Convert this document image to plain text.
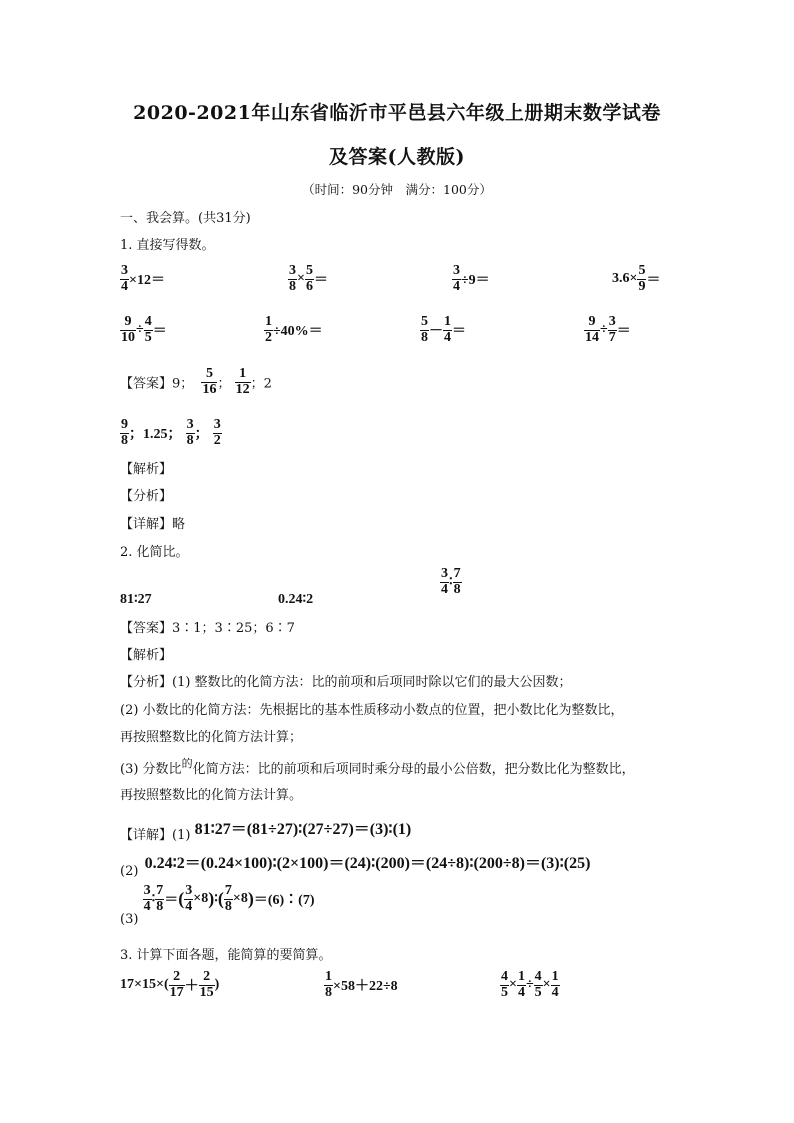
2020-2021年山东省临沂市平邑县六年级上册期末数学试卷
及答案(人教版)
（时间：90分钟　满分：100分）
一、我会算。(共31分)
1. 直接写得数。
$\frac{3}{4} \times 12=$	$\frac{3}{8} \times \frac{5}{6}$ ＝	$\frac{3}{4} \div 9=$	$3.6\times \frac{5}{9}$ ＝
$\frac{9}{10} \div \frac{4}{5}$ ＝	$\frac{1}{2} \div 40\%=$	$\frac{5}{8} - \frac{1}{4}$ ＝	$\frac{9}{14} \div \frac{3}{7}$ ＝
【答案】9； $\frac{5}{16}$ ； $\frac{1}{12}$ ；2
$\frac{9}{8}$ ；1.25； $\frac{3}{8}$ ； $\frac{3}{2}$
【解析】
【分析】
【详解】略
2. 化简比。
81∶27	0.24∶2
$\frac{3}{4}$ ∶ $\frac{7}{8}$
【答案】3∶1；3∶25；6∶7
【解析】
【分析】(1) 整数比的化简方法：比的前项和后项同时除以它们的最大公因数；
(2) 小数比的化简方法：先根据比的基本性质移动小数点的位置，把小数比化为整数比，
再按照整数比的化简方法计算；
(3) 分数比$^的$化简方法：比的前项和后项同时乘分母的最小公倍数，把分数比化为整数比，
再按照整数比的化简方法计算。
【详解】(1) 81∶27＝(81÷27)∶(27÷27)＝(3)∶(1)
(2) 0.24∶2＝(0.24×100)∶(2×100)＝(24)∶(200)＝(24÷8)∶(200÷8)＝(3)∶(25)
(3)
$\frac{3}{4}$ ∶ $\frac{7}{8}$ ＝( $\frac{3}{4}$ ×8)∶( $\frac{7}{8}$ ×8)＝(6)∶(7)
3. 计算下面各题，能简算的要简算。
$17\times 15\times( \frac{2}{17} + \frac{2}{15}$ )	$\frac{1}{8} \times 58+22\div 8$	$\frac{4}{5} \times \frac{1}{4} \div \frac{4}{5} \times \frac{1}{4}$
